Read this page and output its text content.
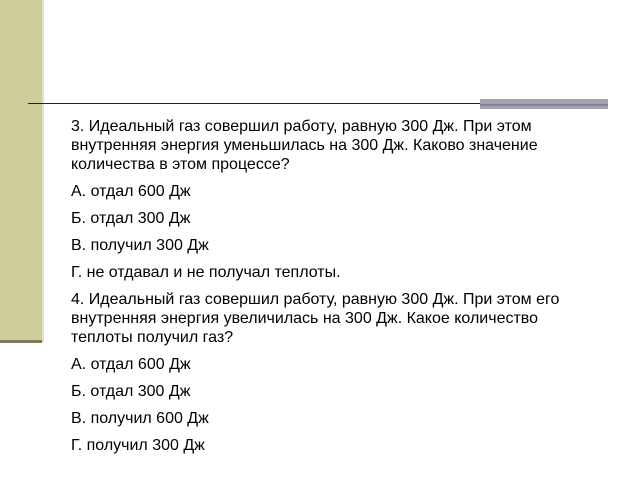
3. Идеальный газ совершил работу, равную 300 Дж. При этом внутренняя энергия уменьшилась на 300 Дж. Каково значение количества в этом процессе?

А. отдал 600 Дж

Б. отдал 300 Дж

В. получил 300 Дж

Г. не отдавал и не получал теплоты.

4. Идеальный газ совершил работу, равную 300 Дж. При этом его внутренняя энергия увеличилась на 300 Дж. Какое количество теплоты получил газ?

А. отдал 600 Дж

Б. отдал 300 Дж

В. получил 600 Дж

Г. получил 300 Дж
